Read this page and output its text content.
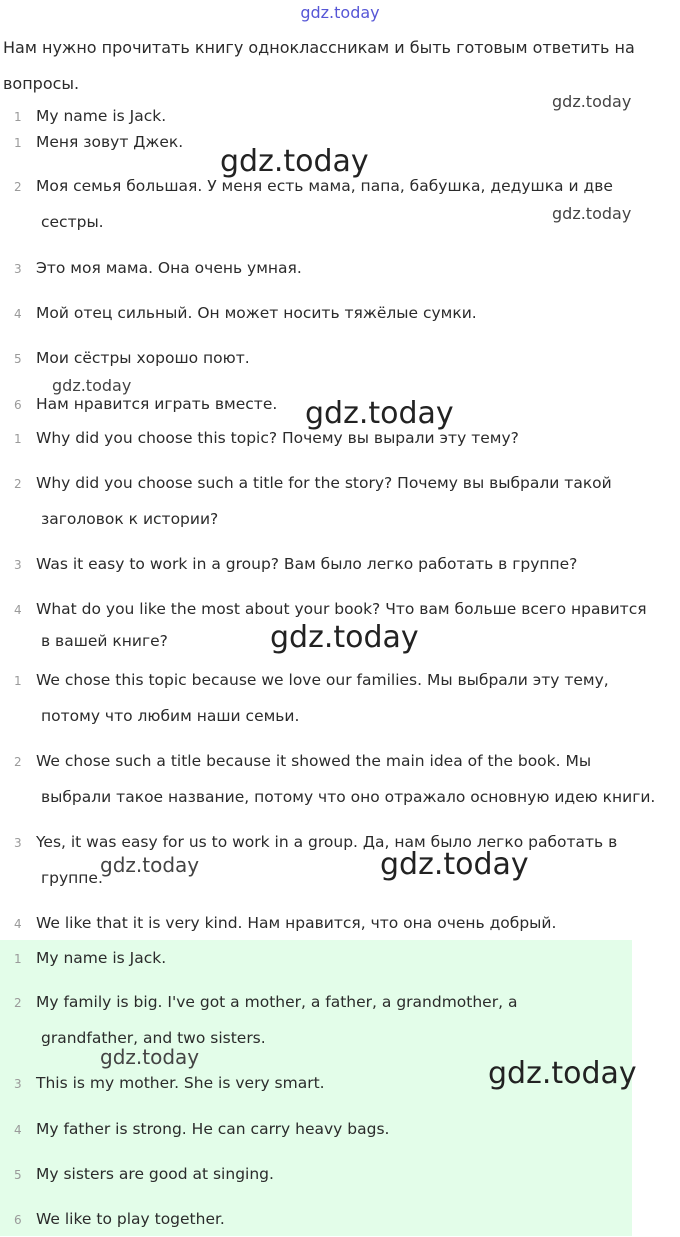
gdz.today
Нам нужно прочитать книгу одноклассникам и быть готовым ответить на вопросы.
1 My name is Jack.
1 Меня зовут Джек.
2 Моя семья большая. У меня есть мама, папа, бабушка, дедушка и две
сестры.
3 Это моя мама. Она очень умная.
4 Мой отец сильный. Он может носить тяжёлые сумки.
5 Мои сёстры хорошо поют.
6 Нам нравится играть вместе.
1 Why did you choose this topic? Почему вы вырали эту тему?
2 Why did you choose such a title for the story? Почему вы выбрали такой
заголовок к истории?
3 Was it easy to work in a group? Вам было легко работать в группе?
4 What do you like the most about your book? Что вам больше всего нравится
в вашей книге?
1 We chose this topic because we love our families. Мы выбрали эту тему,
потому что любим наши семьи.
2 We chose such a title because it showed the main idea of the book. Мы
выбрали такое название, потому что оно отражало основную идею книги.
3 Yes, it was easy for us to work in a group. Да, нам было легко работать в
группе.
4 We like that it is very kind. Нам нравится, что она очень добрый.
1 My name is Jack.
2 My family is big. I've got a mother, a father, a grandmother, a
grandfather, and two sisters.
3 This is my mother. She is very smart.
4 My father is strong. He can carry heavy bags.
5 My sisters are good at singing.
6 We like to play together.
gdz.today
gdz.today
gdz.today
gdz.today
gdz.today
gdz.today
gdz.today	gdz.today
gdz.today	gdz.today
